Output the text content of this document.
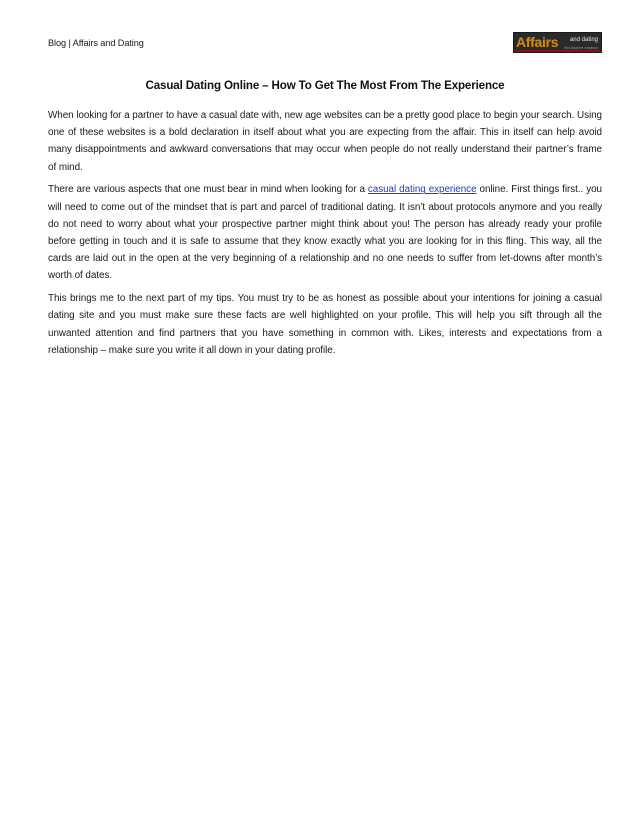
Blog | Affairs and Dating	Affairs and dating
find discreet romance
Casual Dating Online – How To Get The Most From The Experience

When looking for a partner to have a casual date with, new age websites can be a pretty good place to begin your search. Using one of these websites is a bold declaration in itself about what you are expecting from the affair. This in itself can help avoid many disappointments and awkward conversations that may occur when people do not really understand their partner’s frame of mind.

There are various aspects that one must bear in mind when looking for a casual dating experience online. First things first.. you will need to come out of the mindset that is part and parcel of traditional dating. It isn’t about protocols anymore and you really do not need to worry about what your prospective partner might think about you! The person has already ready your profile before getting in touch and it is safe to assume that they know exactly what you are looking for in this fling. This way, all the cards are laid out in the open at the very beginning of a relationship and no one needs to suffer from let-downs after month’s worth of dates.

This brings me to the next part of my tips. You must try to be as honest as possible about your intentions for joining a casual dating site and you must make sure these facts are well highlighted on your profile. This will help you sift through all the unwanted attention and find partners that you have something in common with. Likes, interests and expectations from a relationship – make sure you write it all down in your dating profile.
